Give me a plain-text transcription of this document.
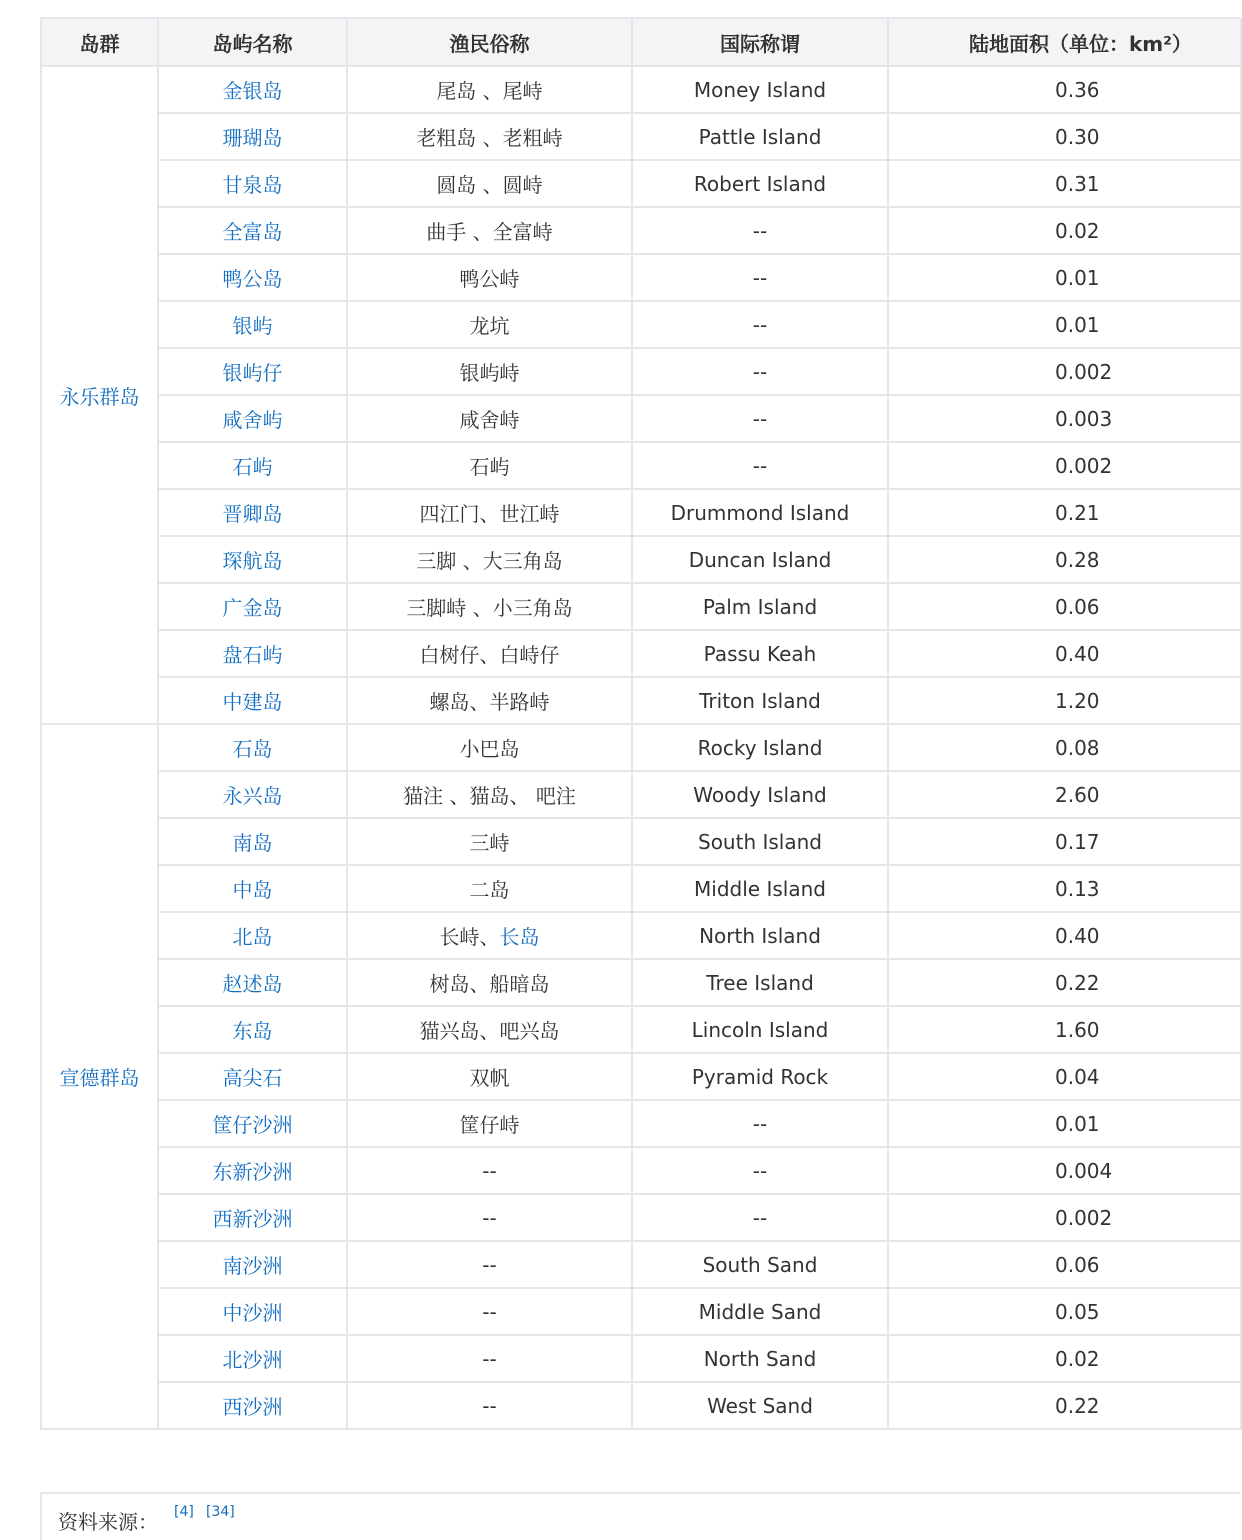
岛群	岛屿名称	渔民俗称	国际称谓	陆地面积（单位：km²）
永乐群岛	金银岛	尾岛 、尾峙	Money Island	0.36
	珊瑚岛	老粗岛 、老粗峙	Pattle Island	0.30
	甘泉岛	圆岛 、圆峙	Robert Island	0.31
	全富岛	曲手 、全富峙	--	0.02
	鸭公岛	鸭公峙	--	0.01
	银屿	龙坑	--	0.01
	银屿仔	银屿峙	--	0.002
	咸舍屿	咸舍峙	--	0.003
	石屿	石屿	--	0.002
	晋卿岛	四江门、世江峙	Drummond Island	0.21
	琛航岛	三脚 、大三角岛	Duncan Island	0.28
	广金岛	三脚峙 、小三角岛	Palm Island	0.06
	盘石屿	白树仔、白峙仔	Passu Keah	0.40
	中建岛	螺岛、半路峙	Triton Island	1.20
宣德群岛	石岛	小巴岛	Rocky Island	0.08
	永兴岛	猫注 、猫岛、 吧注	Woody Island	2.60
	南岛	三峙	South Island	0.17
	中岛	二岛	Middle Island	0.13
	北岛	长峙、长岛	North Island	0.40
	赵述岛	树岛、船暗岛	Tree Island	0.22
	东岛	猫兴岛、吧兴岛	Lincoln Island	1.60
	高尖石	双帆	Pyramid Rock	0.04
	筐仔沙洲	筐仔峙	--	0.01
	东新沙洲	--	--	0.004
	西新沙洲	--	--	0.002
	南沙洲	--	South Sand	0.06
	中沙洲	--	Middle Sand	0.05
	北沙洲	--	North Sand	0.02
	西沙洲	--	West Sand	0.22
资料来源： [4] [34]
